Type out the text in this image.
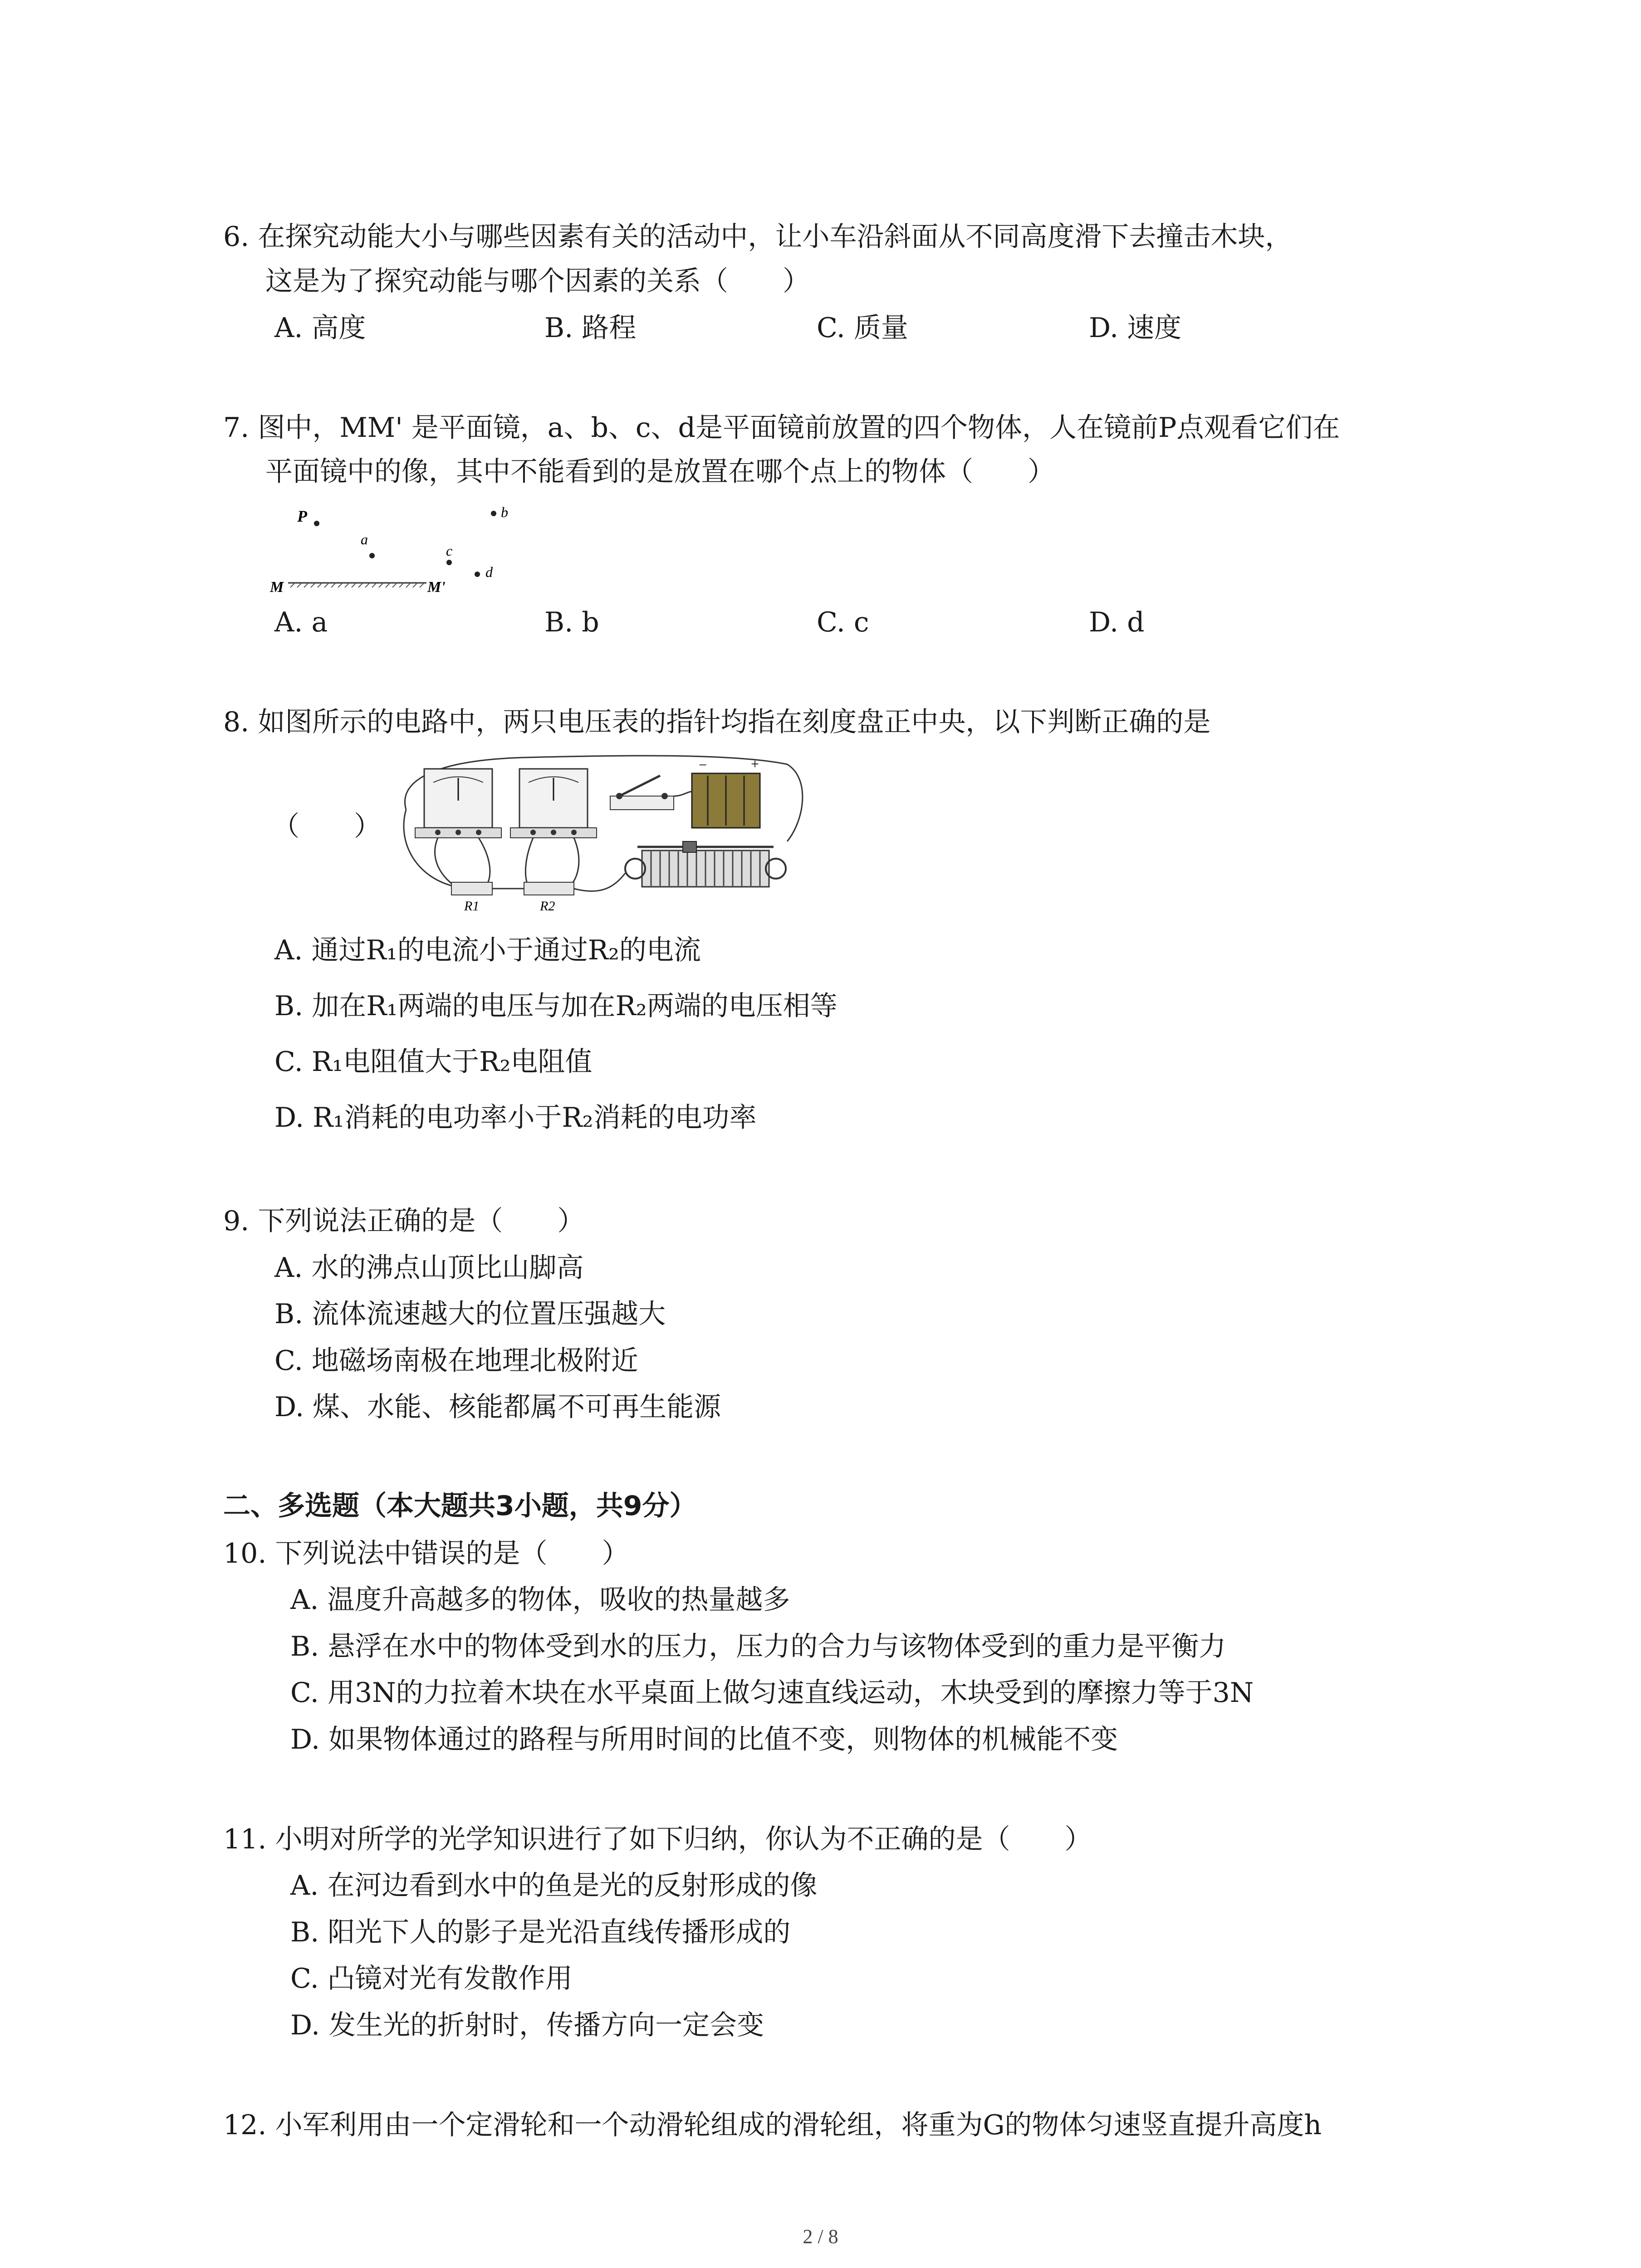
6. 在探究动能大小与哪些因素有关的活动中，让小车沿斜面从不同高度滑下去撞击木块，
这是为了探究动能与哪个因素的关系（　　）
A. 高度	B. 路程	C. 质量	D. 速度
7. 图中，MM' 是平面镜，a、b、c、d是平面镜前放置的四个物体，人在镜前P点观看它们在
平面镜中的像，其中不能看到的是放置在哪个点上的物体（　　）
P
a
b
c
d
M	M'
A. a	B. b	C. c	D. d
8. 如图所示的电路中，两只电压表的指针均指在刻度盘正中央，以下判断正确的是
（　　）
R1	R2
−	+
A. 通过R₁的电流小于通过R₂的电流
B. 加在R₁两端的电压与加在R₂两端的电压相等
C. R₁电阻值大于R₂电阻值
D. R₁消耗的电功率小于R₂消耗的电功率
9. 下列说法正确的是（　　）
A. 水的沸点山顶比山脚高
B. 流体流速越大的位置压强越大
C. 地磁场南极在地理北极附近
D. 煤、水能、核能都属不可再生能源
二、多选题（本大题共3小题，共9分）
10. 下列说法中错误的是（　　）
A. 温度升高越多的物体，吸收的热量越多
B. 悬浮在水中的物体受到水的压力，压力的合力与该物体受到的重力是平衡力
C. 用3N的力拉着木块在水平桌面上做匀速直线运动，木块受到的摩擦力等于3N
D. 如果物体通过的路程与所用时间的比值不变，则物体的机械能不变
11. 小明对所学的光学知识进行了如下归纳，你认为不正确的是（　　）
A. 在河边看到水中的鱼是光的反射形成的像
B. 阳光下人的影子是光沿直线传播形成的
C. 凸镜对光有发散作用
D. 发生光的折射时，传播方向一定会变
12. 小军利用由一个定滑轮和一个动滑轮组成的滑轮组，将重为G的物体匀速竖直提升高度h
2 / 8
